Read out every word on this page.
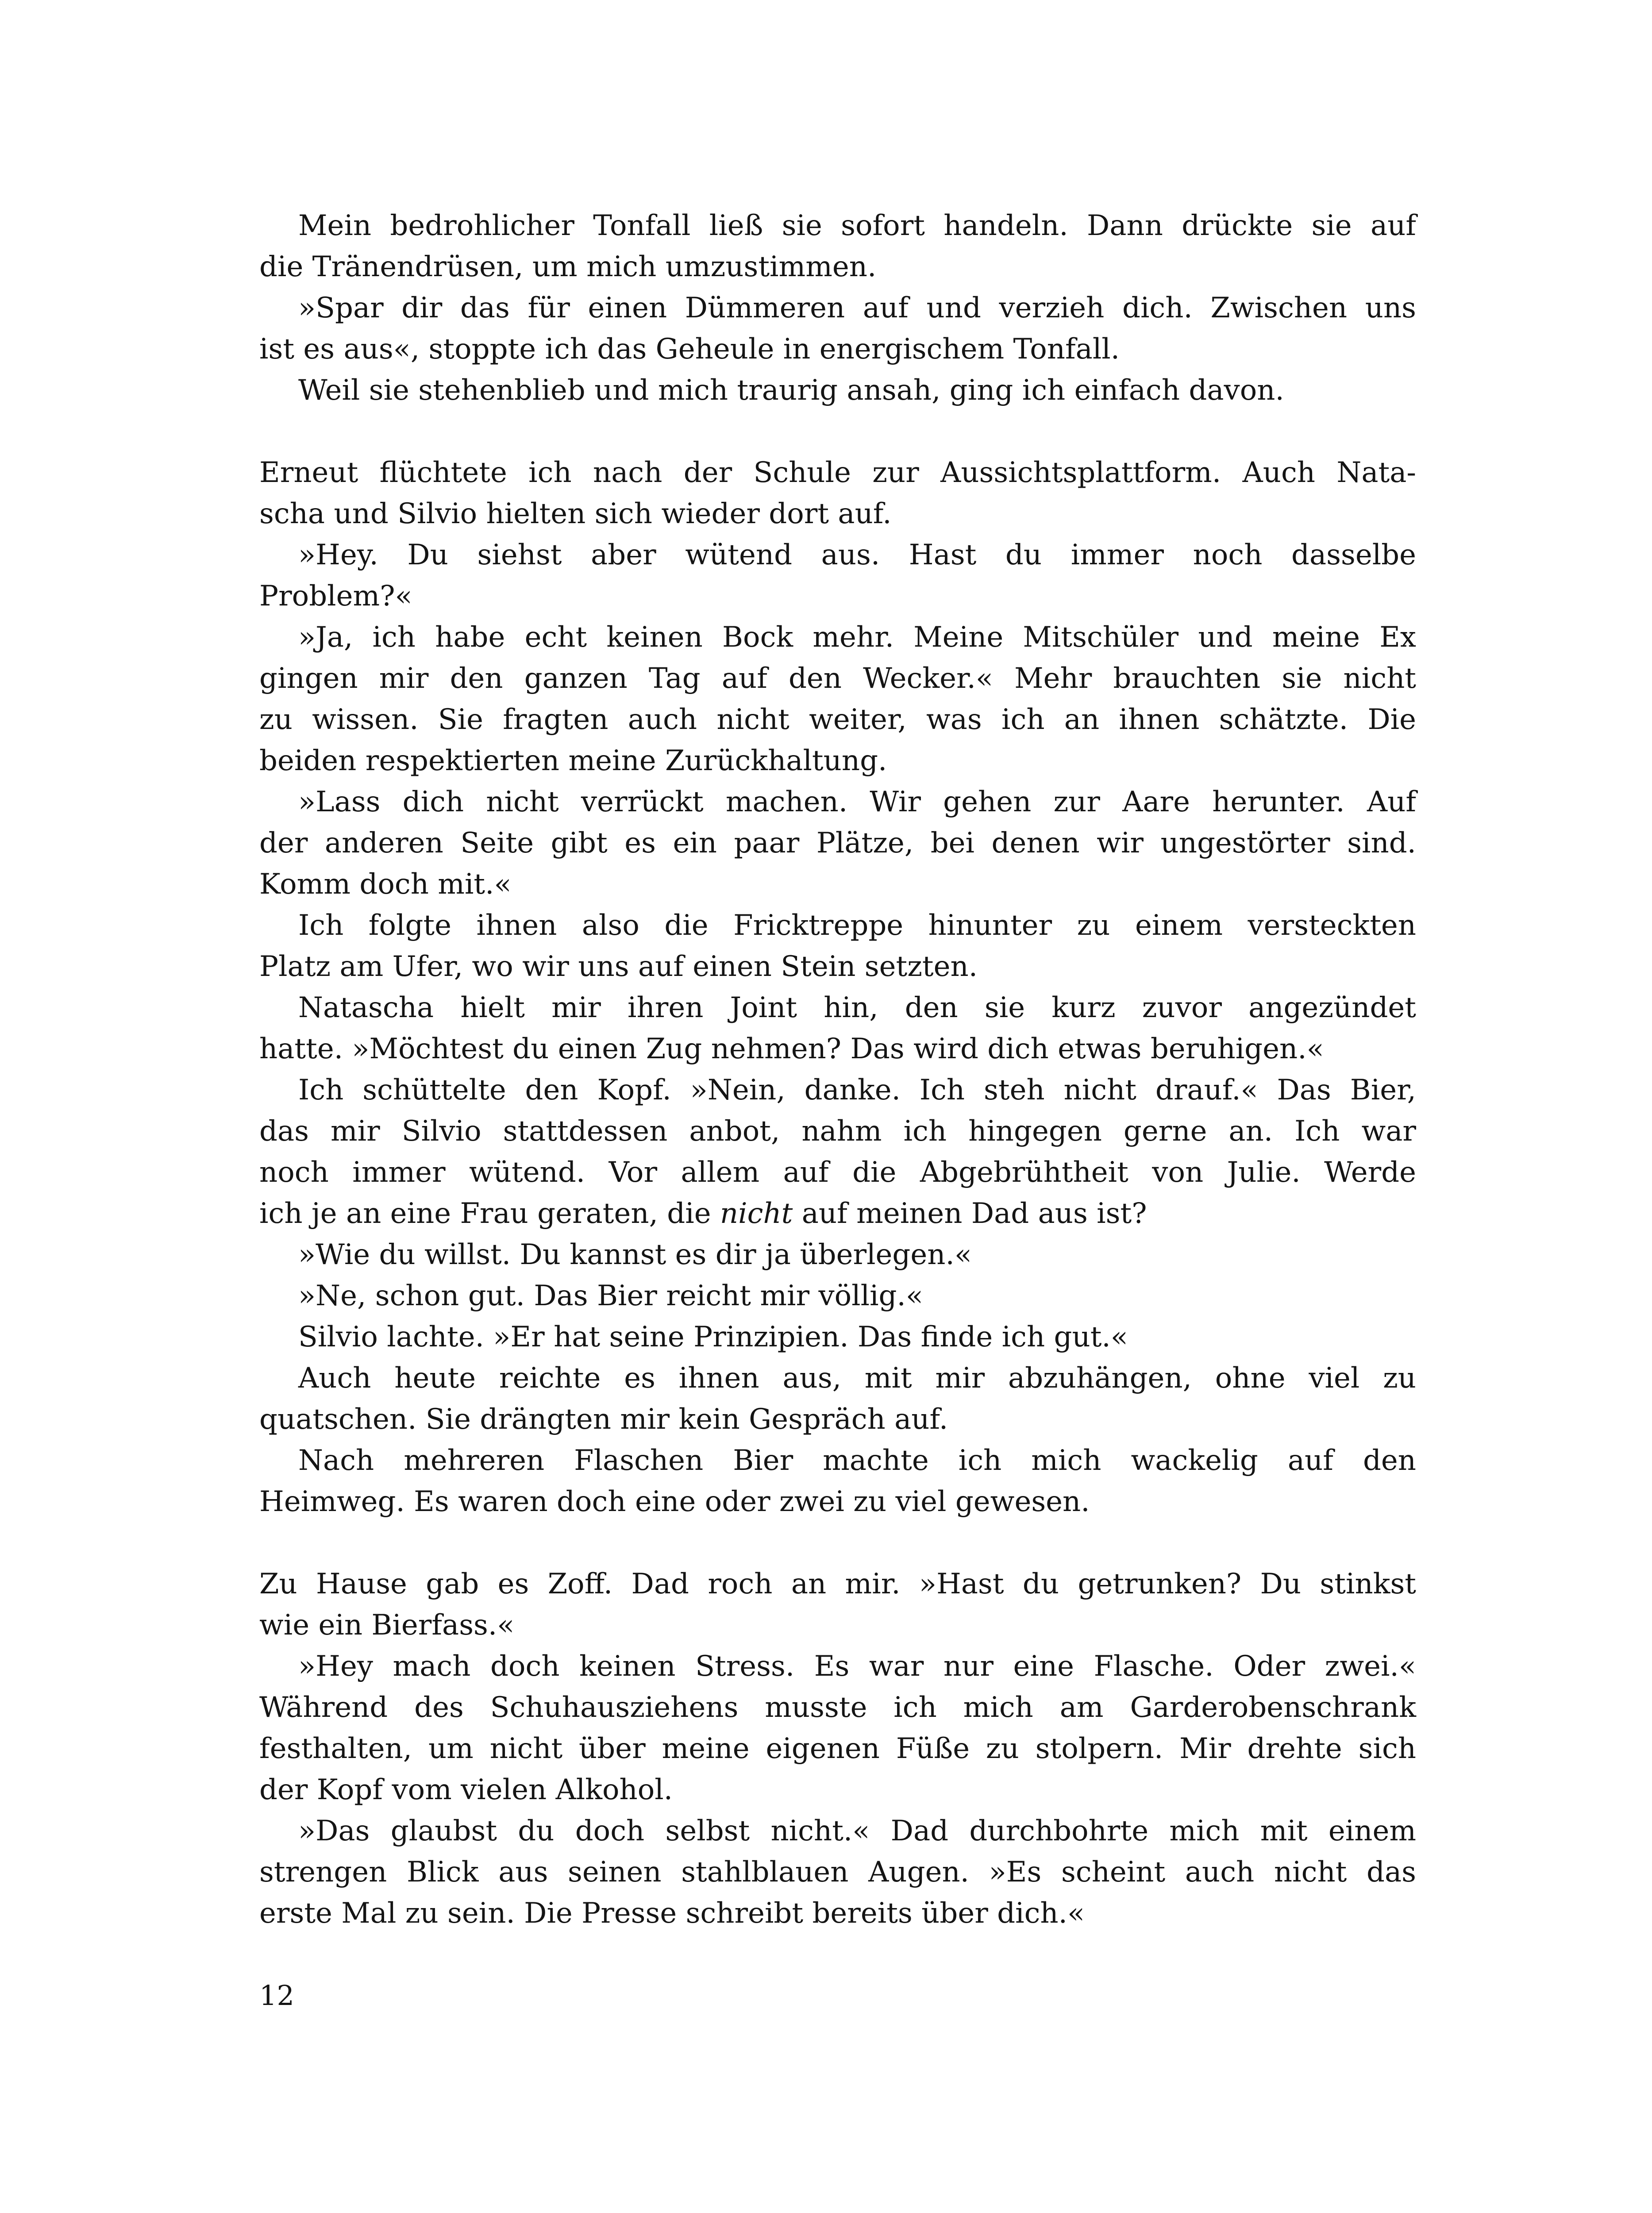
Mein bedrohlicher Tonfall ließ sie sofort handeln. Dann drückte sie auf
die Tränendrüsen, um mich umzustimmen.
»Spar dir das für einen Dümmeren auf und verzieh dich. Zwischen uns
ist es aus«, stoppte ich das Geheule in energischem Tonfall.
Weil sie stehenblieb und mich traurig ansah, ging ich einfach davon.
Erneut flüchtete ich nach der Schule zur Aussichtsplattform. Auch Nata-
scha und Silvio hielten sich wieder dort auf.
»Hey. Du siehst aber wütend aus. Hast du immer noch dasselbe
Problem?«
»Ja, ich habe echt keinen Bock mehr. Meine Mitschüler und meine Ex
gingen mir den ganzen Tag auf den Wecker.« Mehr brauchten sie nicht
zu wissen. Sie fragten auch nicht weiter, was ich an ihnen schätzte. Die
beiden respektierten meine Zurückhaltung.
»Lass dich nicht verrückt machen. Wir gehen zur Aare herunter. Auf
der anderen Seite gibt es ein paar Plätze, bei denen wir ungestörter sind.
Komm doch mit.«
Ich folgte ihnen also die Fricktreppe hinunter zu einem versteckten
Platz am Ufer, wo wir uns auf einen Stein setzten.
Natascha hielt mir ihren Joint hin, den sie kurz zuvor angezündet
hatte. »Möchtest du einen Zug nehmen? Das wird dich etwas beruhigen.«
Ich schüttelte den Kopf. »Nein, danke. Ich steh nicht drauf.« Das Bier,
das mir Silvio stattdessen anbot, nahm ich hingegen gerne an. Ich war
noch immer wütend. Vor allem auf die Abgebrühtheit von Julie. Werde
ich je an eine Frau geraten, die nicht auf meinen Dad aus ist?
»Wie du willst. Du kannst es dir ja überlegen.«
»Ne, schon gut. Das Bier reicht mir völlig.«
Silvio lachte. »Er hat seine Prinzipien. Das finde ich gut.«
Auch heute reichte es ihnen aus, mit mir abzuhängen, ohne viel zu
quatschen. Sie drängten mir kein Gespräch auf.
Nach mehreren Flaschen Bier machte ich mich wackelig auf den
Heimweg. Es waren doch eine oder zwei zu viel gewesen.
Zu Hause gab es Zoff. Dad roch an mir. »Hast du getrunken? Du stinkst
wie ein Bierfass.«
»Hey mach doch keinen Stress. Es war nur eine Flasche. Oder zwei.«
Während des Schuhausziehens musste ich mich am Garderobenschrank
festhalten, um nicht über meine eigenen Füße zu stolpern. Mir drehte sich
der Kopf vom vielen Alkohol.
»Das glaubst du doch selbst nicht.« Dad durchbohrte mich mit einem
strengen Blick aus seinen stahlblauen Augen. »Es scheint auch nicht das
erste Mal zu sein. Die Presse schreibt bereits über dich.«
12
